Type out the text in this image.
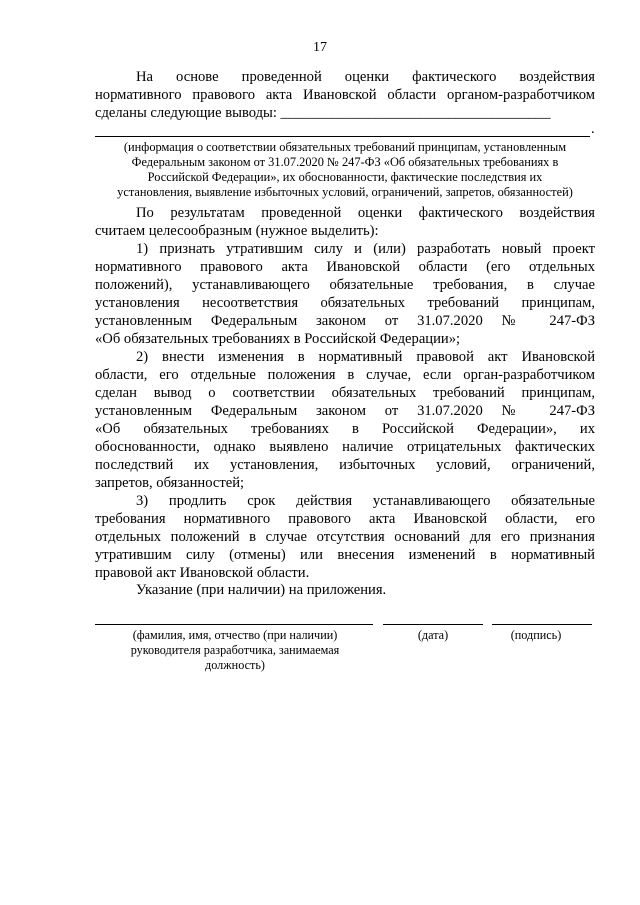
17
На основе проведенной оценки фактического воздействия
нормативного правового акта Ивановской области органом-разработчиком
сделаны следующие выводы: _____________________________________
.
(информация о соответствии обязательных требований принципам, установленным
Федеральным законом от 31.07.2020 № 247-ФЗ «Об обязательных требованиях в
Российской Федерации», их обоснованности, фактические последствия их
установления, выявление избыточных условий, ограничений, запретов, обязанностей)
По результатам проведенной оценки фактического воздействия
считаем целесообразным (нужное выделить):
1) признать утратившим силу и (или) разработать новый проект
нормативного правового акта Ивановской области (его отдельных
положений), устанавливающего обязательные требования, в случае
установления несоответствия обязательных требований принципам,
установленным Федеральным законом от 31.07.2020 № 247-ФЗ
«Об обязательных требованиях в Российской Федерации»;
2) внести изменения в нормативный правовой акт Ивановской
области, его отдельные положения в случае, если орган-разработчиком
сделан вывод о соответствии обязательных требований принципам,
установленным Федеральным законом от 31.07.2020 № 247-ФЗ
«Об обязательных требованиях в Российской Федерации», их
обоснованности, однако выявлено наличие отрицательных фактических
последствий их установления, избыточных условий, ограничений,
запретов, обязанностей;
3) продлить срок действия устанавливающего обязательные
требования нормативного правового акта Ивановской области, его
отдельных положений в случае отсутствия оснований для его признания
утратившим силу (отмены) или внесения изменений в нормативный
правовой акт Ивановской области.
Указание (при наличии) на приложения.
(фамилия, имя, отчество (при наличии)
руководителя разработчика, занимаемая
должность)
(дата)	(подпись)
